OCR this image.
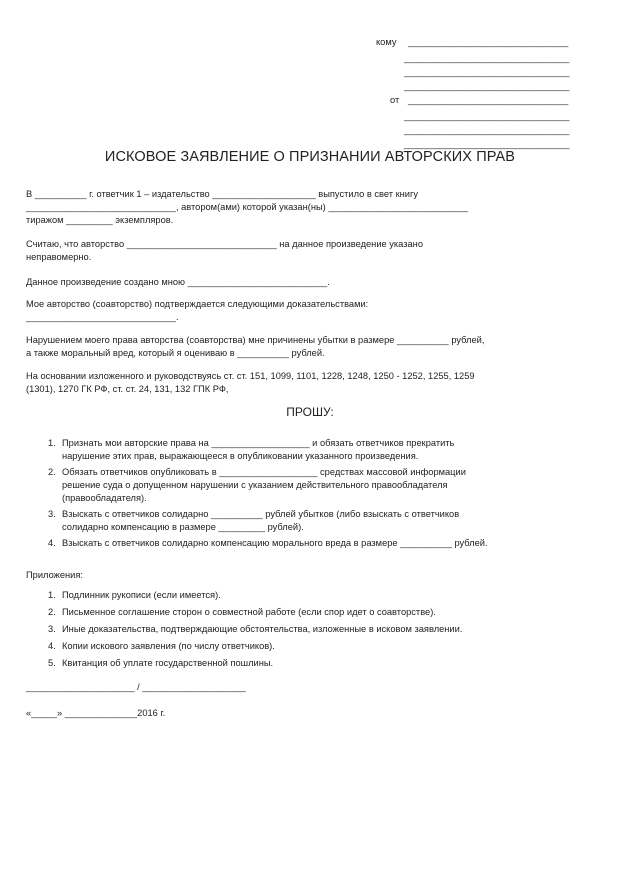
кому _______________________________
________________________________
________________________________
________________________________
от _______________________________
________________________________
________________________________
________________________________
ИСКОВОЕ ЗАЯВЛЕНИЕ О ПРИЗНАНИИ АВТОРСКИХ ПРАВ

В __________ г. ответчик 1 – издательство ____________________ выпустило в свет книгу

_____________________________, автором(ами) которой указан(ны) ___________________________

тиражом _________ экземпляров.

Считаю, что авторство _____________________________ на данное произведение указано

неправомерно.

Данное произведение создано мною ___________________________.

Мое авторство (соавторство) подтверждается следующими доказательствами:

_____________________________.

Нарушением моего права авторства (соавторства) мне причинены убытки в размере __________ рублей,

а также моральный вред, который я оцениваю в __________ рублей.

На основании изложенного и руководствуясь ст. ст. 151, 1099, 1101, 1228, 1248, 1250 - 1252, 1255, 1259

(1301), 1270 ГК РФ, ст. ст. 24, 131, 132 ГПК РФ,

ПРОШУ:
1. Признать мои авторские права на ___________________ и обязать ответчиков прекратить
нарушение этих прав, выражающееся в опубликовании указанного произведения.
2. Обязать ответчиков опубликовать в ___________________ средствах массовой информации
решение суда о допущенном нарушении с указанием действительного правообладателя
(правообладателя).
3. Взыскать с ответчиков солидарно __________ рублей убытков (либо взыскать с ответчиков
солидарно компенсацию в размере _________ рублей).
4. Взыскать с ответчиков солидарно компенсацию морального вреда в размере __________ рублей.
Приложения:
1. Подлинник рукописи (если имеется).
2. Письменное соглашение сторон о совместной работе (если спор идет о соавторстве).
3. Иные доказательства, подтверждающие обстоятельства, изложенные в исковом заявлении.
4. Копии искового заявления (по числу ответчиков).
5. Квитанция об уплате государственной пошлины.
_____________________ / ____________________
«_____» ______________2016 г.
